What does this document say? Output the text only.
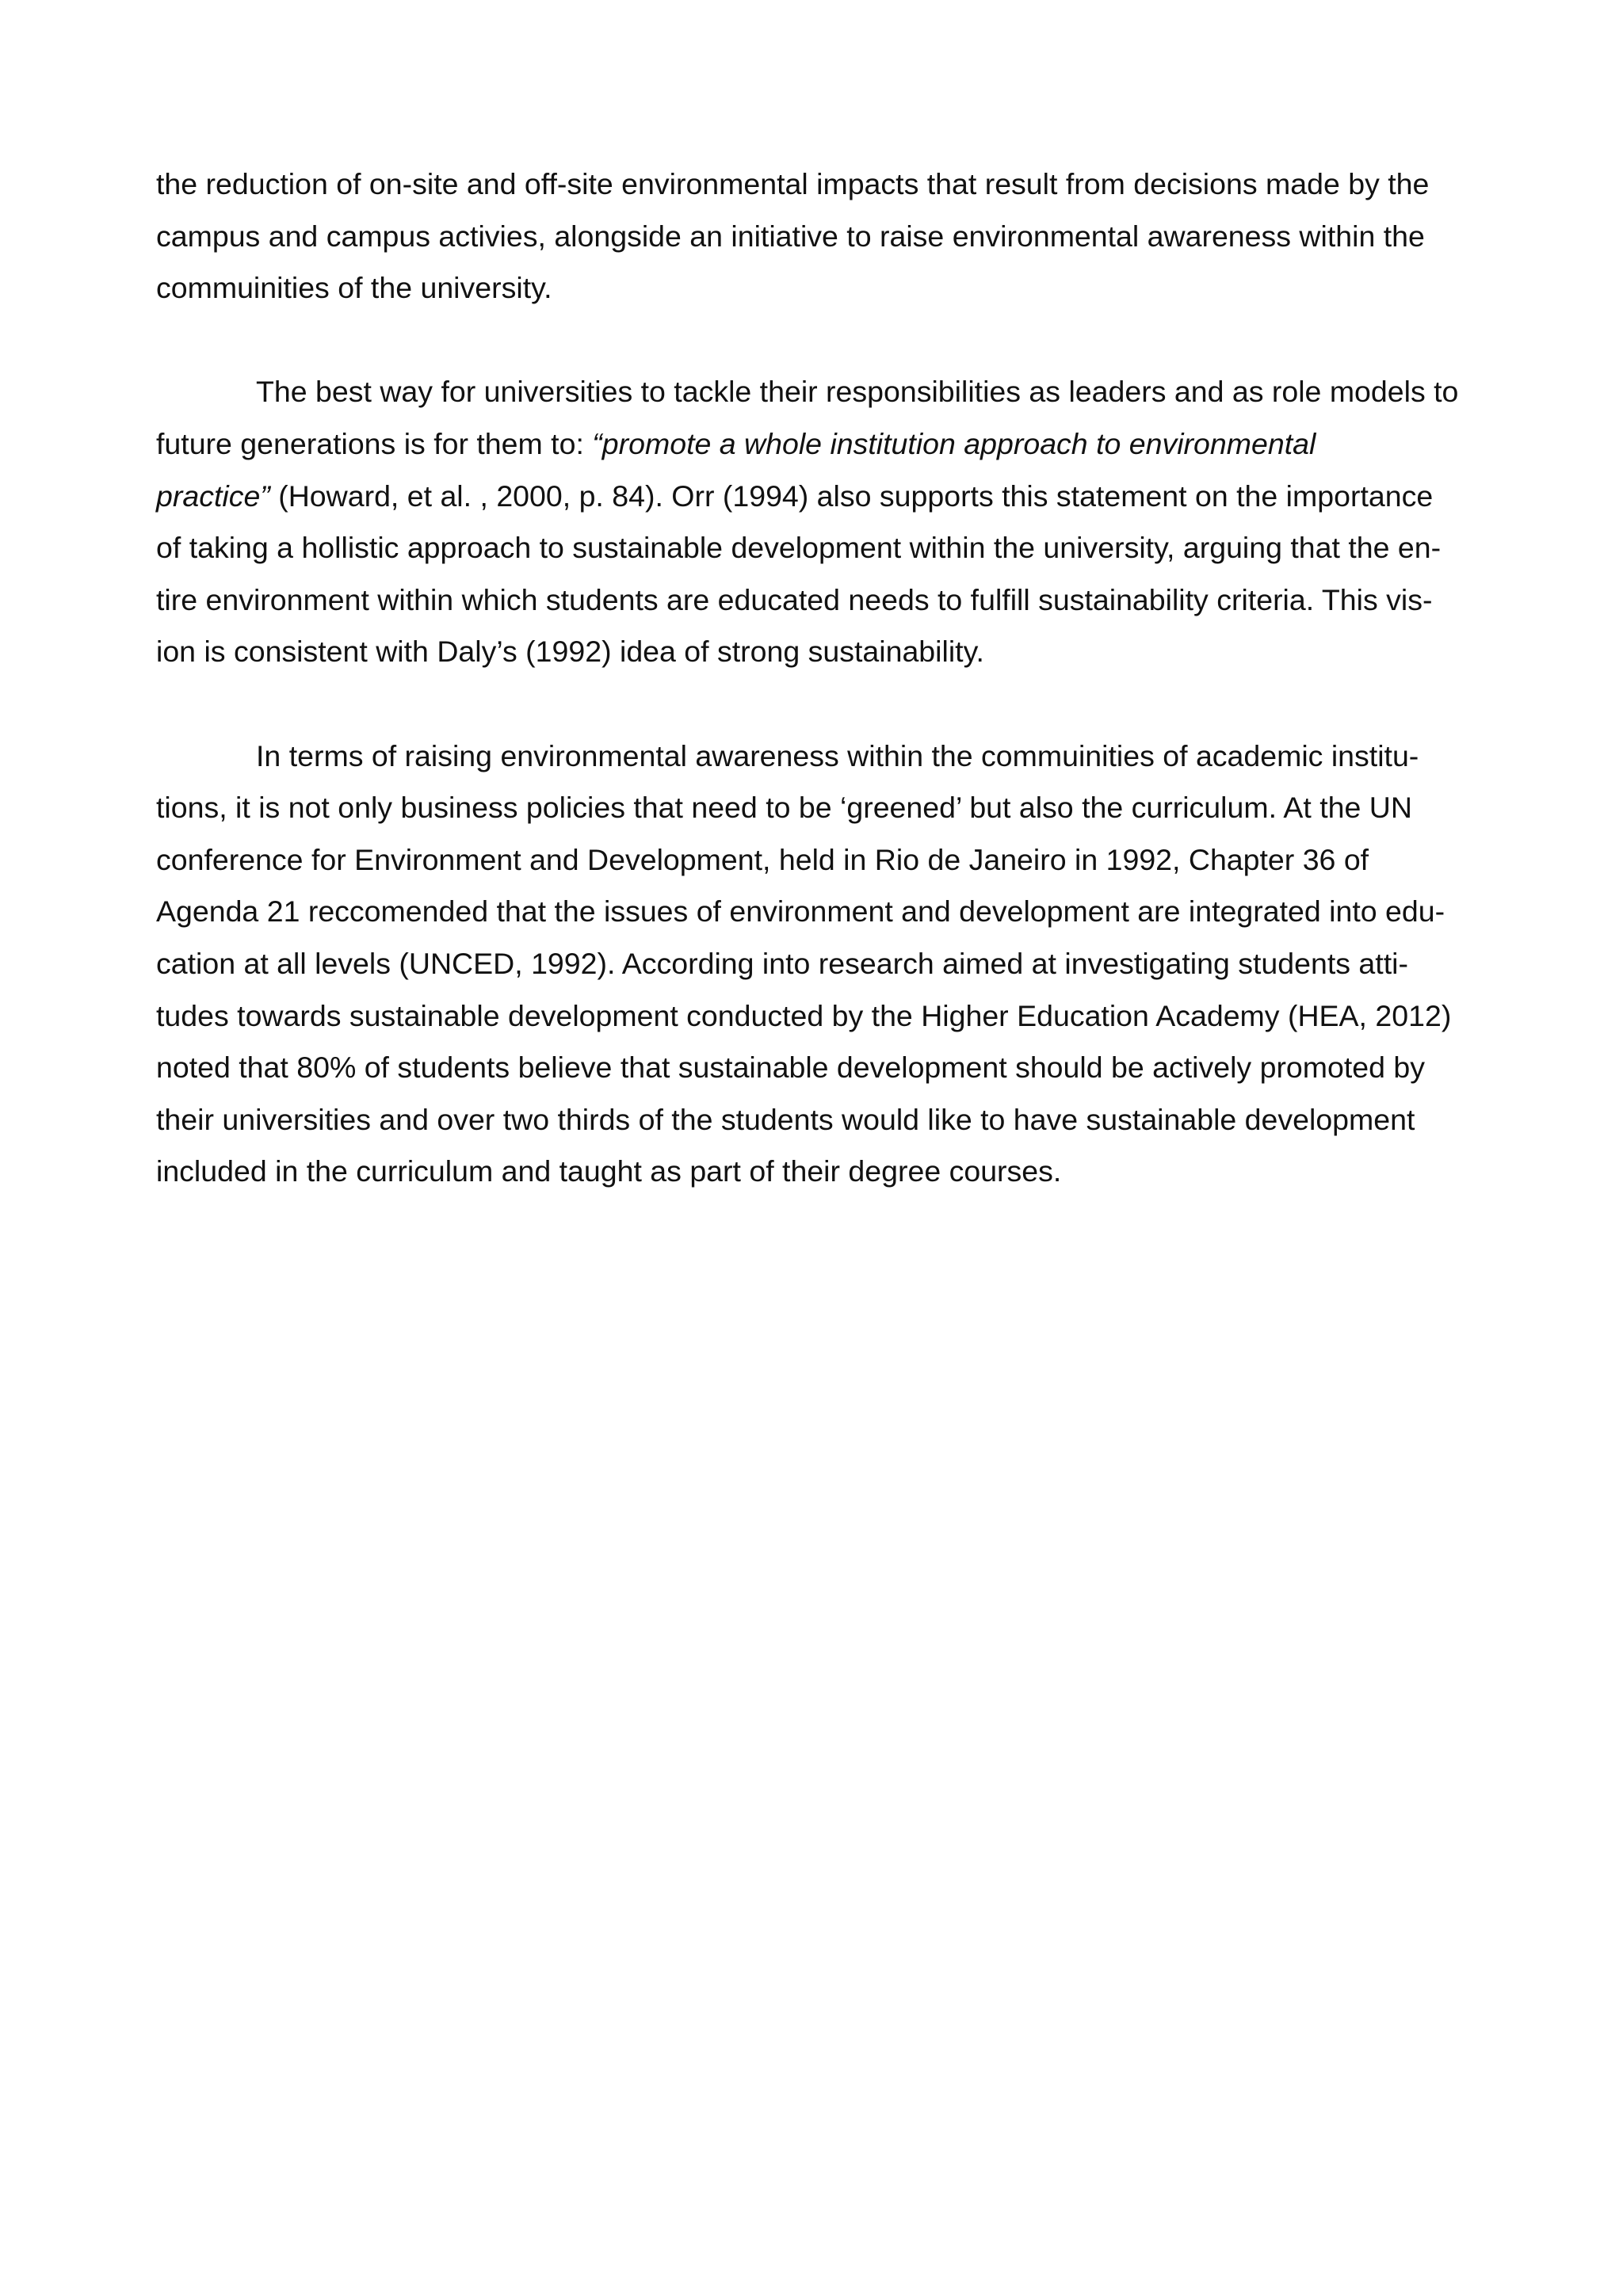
the reduction of on-site and off-site environmental impacts that result from decisions made by the
campus and campus activies, alongside an initiative to raise environmental awareness within the
commuinities of the university.

The best way for universities to tackle their responsibilities as leaders and as role models to
future generations is for them to: “promote a whole institution approach to environmental
practice” (Howard, et al. , 2000, p. 84). Orr (1994) also supports this statement on the importance
of taking a hollistic approach to sustainable development within the university, arguing that the en-
tire environment within which students are educated needs to fulfill sustainability criteria. This vis-
ion is consistent with Daly’s (1992) idea of strong sustainability.

In terms of raising environmental awareness within the commuinities of academic institu-
tions, it is not only business policies that need to be ‘greened’ but also the curriculum. At the UN
conference for Environment and Development, held in Rio de Janeiro in 1992, Chapter 36 of
Agenda 21 reccomended that the issues of environment and development are integrated into edu-
cation at all levels (UNCED, 1992). According into research aimed at investigating students atti-
tudes towards sustainable development conducted by the Higher Education Academy (HEA, 2012)
noted that 80% of students believe that sustainable development should be actively promoted by
their universities and over two thirds of the students would like to have sustainable development
included in the curriculum and taught as part of their degree courses.
